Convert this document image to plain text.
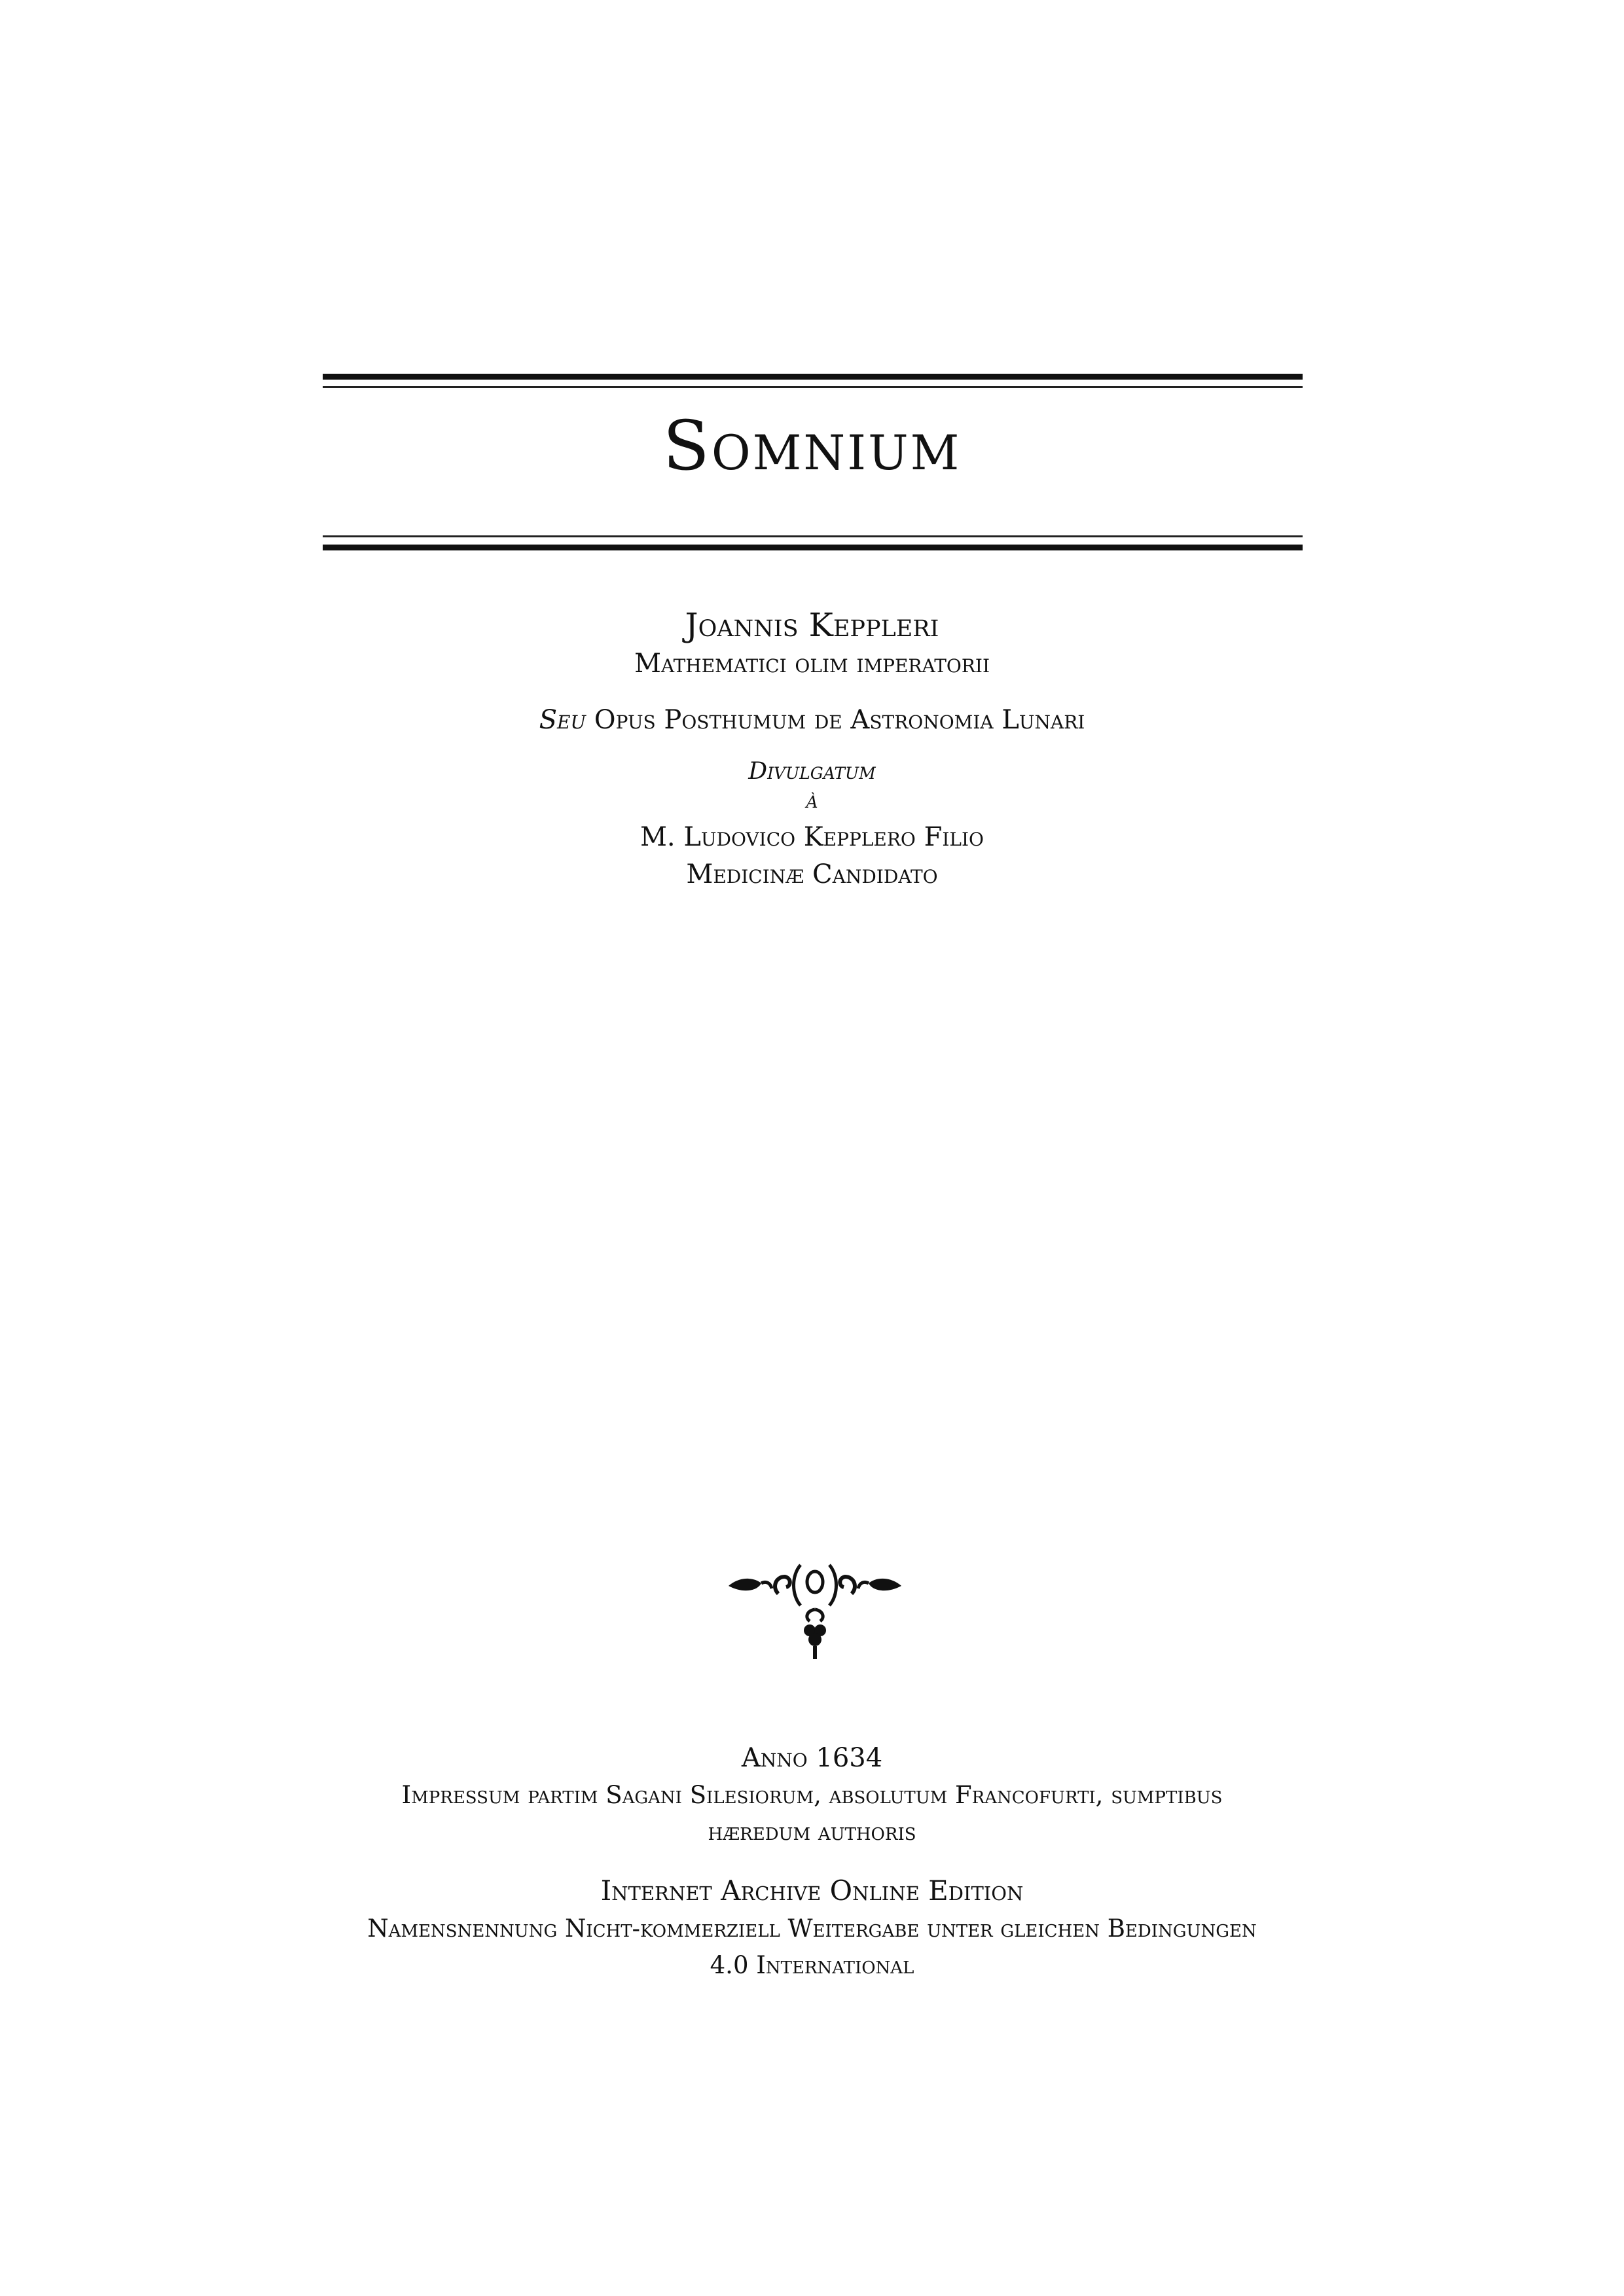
Somnium
Joannis Keppleri
Mathematici olim imperatorii
Seu Opus Posthumum de Astronomia Lunari
Divulgatum
à
M. Ludovico Kepplero Filio
Medicinæ Candidato
Anno 1634
Impressum partim Sagani Silesiorum, absolutum Francofurti, sumptibus
hæredum authoris
Internet Archive Online Edition
Namensnennung Nicht-kommerziell Weitergabe unter gleichen Bedingungen
4.0 International
